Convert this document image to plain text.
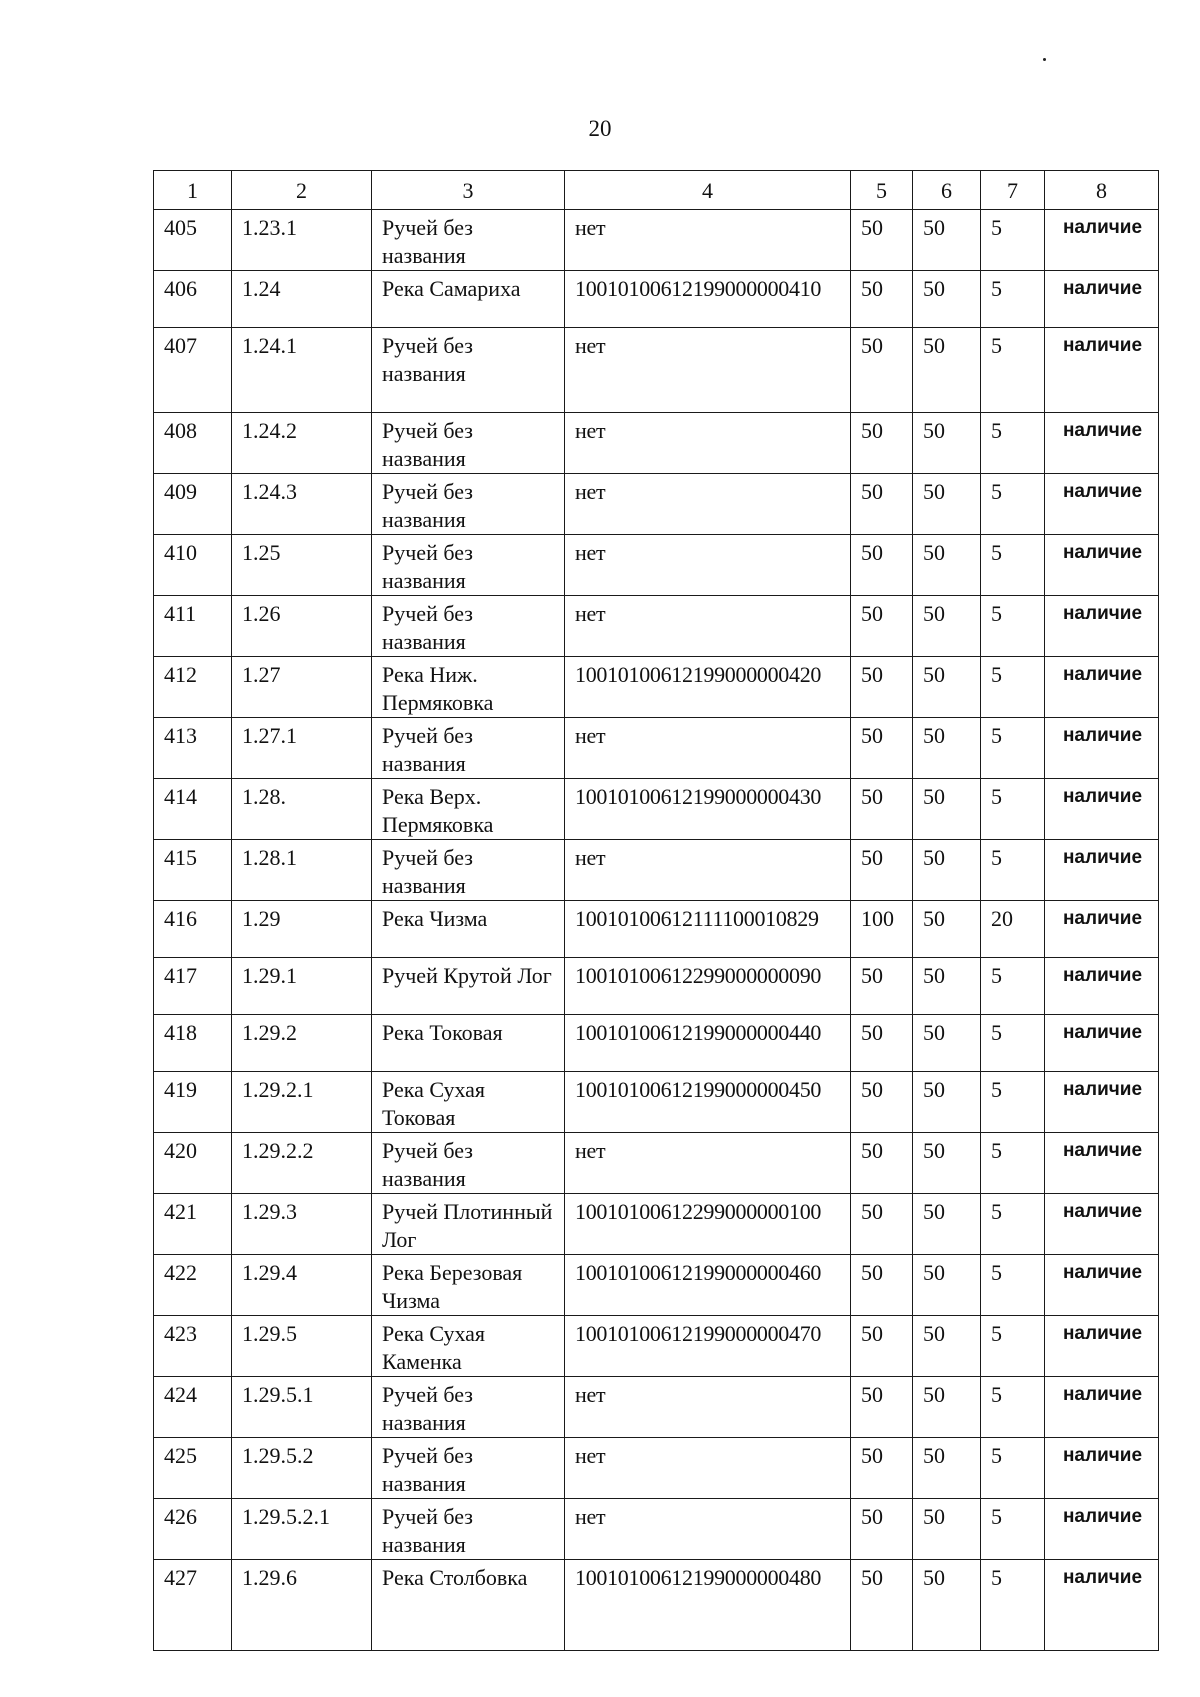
20
1	2	3	4	5	6	7	8
405	1.23.1	Ручей без названия	нет	50	50	5	наличие
406	1.24	Река Самариха	10010100612199000000410	50	50	5	наличие
407	1.24.1	Ручей без названия	нет	50	50	5	наличие
408	1.24.2	Ручей без названия	нет	50	50	5	наличие
409	1.24.3	Ручей без названия	нет	50	50	5	наличие
410	1.25	Ручей без названия	нет	50	50	5	наличие
411	1.26	Ручей без названия	нет	50	50	5	наличие
412	1.27	Река Ниж. Пермяковка	10010100612199000000420	50	50	5	наличие
413	1.27.1	Ручей без названия	нет	50	50	5	наличие
414	1.28.	Река Верх. Пермяковка	10010100612199000000430	50	50	5	наличие
415	1.28.1	Ручей без названия	нет	50	50	5	наличие
416	1.29	Река Чизма	10010100612111100010829	100	50	20	наличие
417	1.29.1	Ручей Крутой Лог	10010100612299000000090	50	50	5	наличие
418	1.29.2	Река Токовая	10010100612199000000440	50	50	5	наличие
419	1.29.2.1	Река Сухая Токовая	10010100612199000000450	50	50	5	наличие
420	1.29.2.2	Ручей без названия	нет	50	50	5	наличие
421	1.29.3	Ручей Плотинный Лог	10010100612299000000100	50	50	5	наличие
422	1.29.4	Река Березовая Чизма	10010100612199000000460	50	50	5	наличие
423	1.29.5	Река Сухая Каменка	10010100612199000000470	50	50	5	наличие
424	1.29.5.1	Ручей без названия	нет	50	50	5	наличие
425	1.29.5.2	Ручей без названия	нет	50	50	5	наличие
426	1.29.5.2.1	Ручей без названия	нет	50	50	5	наличие
427	1.29.6	Река Столбовка	10010100612199000000480	50	50	5	наличие
